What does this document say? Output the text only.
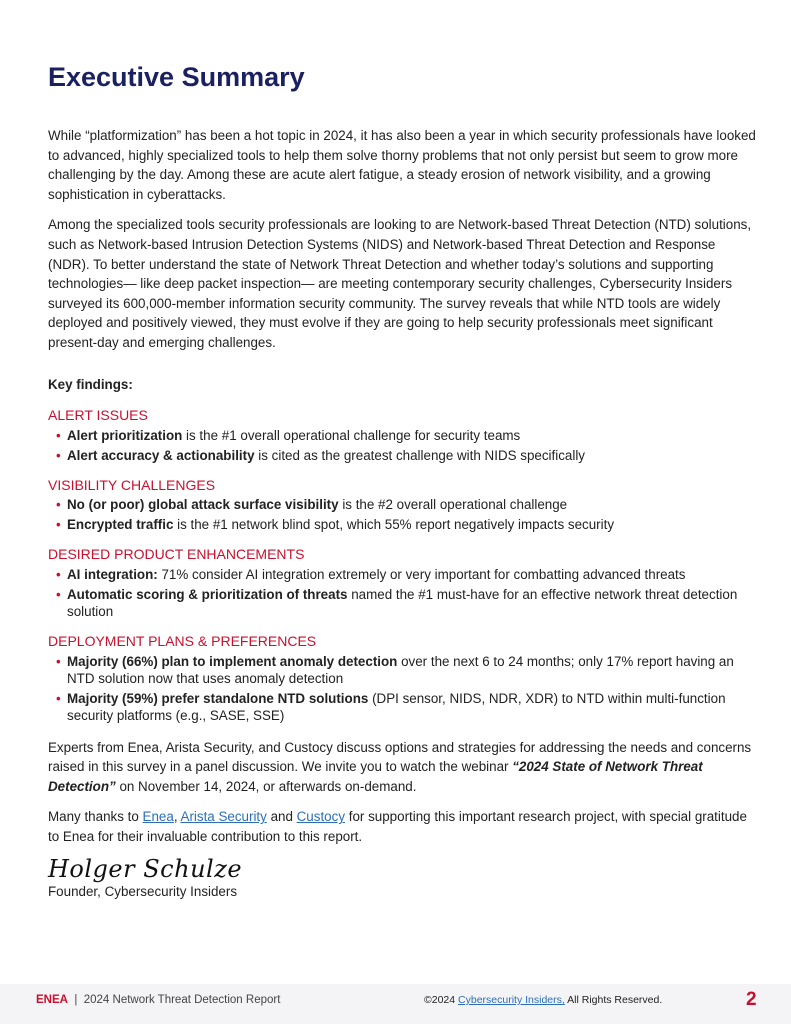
Executive Summary

While “platformization” has been a hot topic in 2024, it has also been a year in which security professionals have looked to advanced, highly specialized tools to help them solve thorny problems that not only persist but seem to grow more challenging by the day. Among these are acute alert fatigue, a steady erosion of network visibility, and a growing sophistication in cyberattacks.

Among the specialized tools security professionals are looking to are Network-based Threat Detection (NTD) solutions, such as Network-based Intrusion Detection Systems (NIDS) and Network-based Threat Detection and Response (NDR). To better understand the state of Network Threat Detection and whether today’s solutions and supporting technologies— like deep packet inspection— are meeting contemporary security challenges, Cybersecurity Insiders surveyed its 600,000-member information security community. The survey reveals that while NTD tools are widely deployed and positively viewed, they must evolve if they are going to help security professionals meet significant present-day and emerging challenges.

Key findings:
ALERT ISSUES
• Alert prioritization is the #1 overall operational challenge for security teams
• Alert accuracy & actionability is cited as the greatest challenge with NIDS specifically
VISIBILITY CHALLENGES
• No (or poor) global attack surface visibility is the #2 overall operational challenge
• Encrypted traffic is the #1 network blind spot, which 55% report negatively impacts security
DESIRED PRODUCT ENHANCEMENTS
• AI integration: 71% consider AI integration extremely or very important for combatting advanced threats
• Automatic scoring & prioritization of threats named the #1 must-have for an effective network threat detection solution
DEPLOYMENT PLANS & PREFERENCES
• Majority (66%) plan to implement anomaly detection over the next 6 to 24 months; only 17% report having an NTD solution now that uses anomaly detection
• Majority (59%) prefer standalone NTD solutions (DPI sensor, NIDS, NDR, XDR) to NTD within multi-function security platforms (e.g., SASE, SSE)

Experts from Enea, Arista Security, and Custocy discuss options and strategies for addressing the needs and concerns raised in this survey in a panel discussion. We invite you to watch the webinar “2024 State of Network Threat Detection” on November 14, 2024, or afterwards on-demand.

Many thanks to Enea, Arista Security and Custocy for supporting this important research project, with special gratitude to Enea for their invaluable contribution to this report.

Holger Schulze
Founder, Cybersecurity Insiders
ENEA | 2024 Network Threat Detection Report	©2024 Cybersecurity Insiders, All Rights Reserved.	2
